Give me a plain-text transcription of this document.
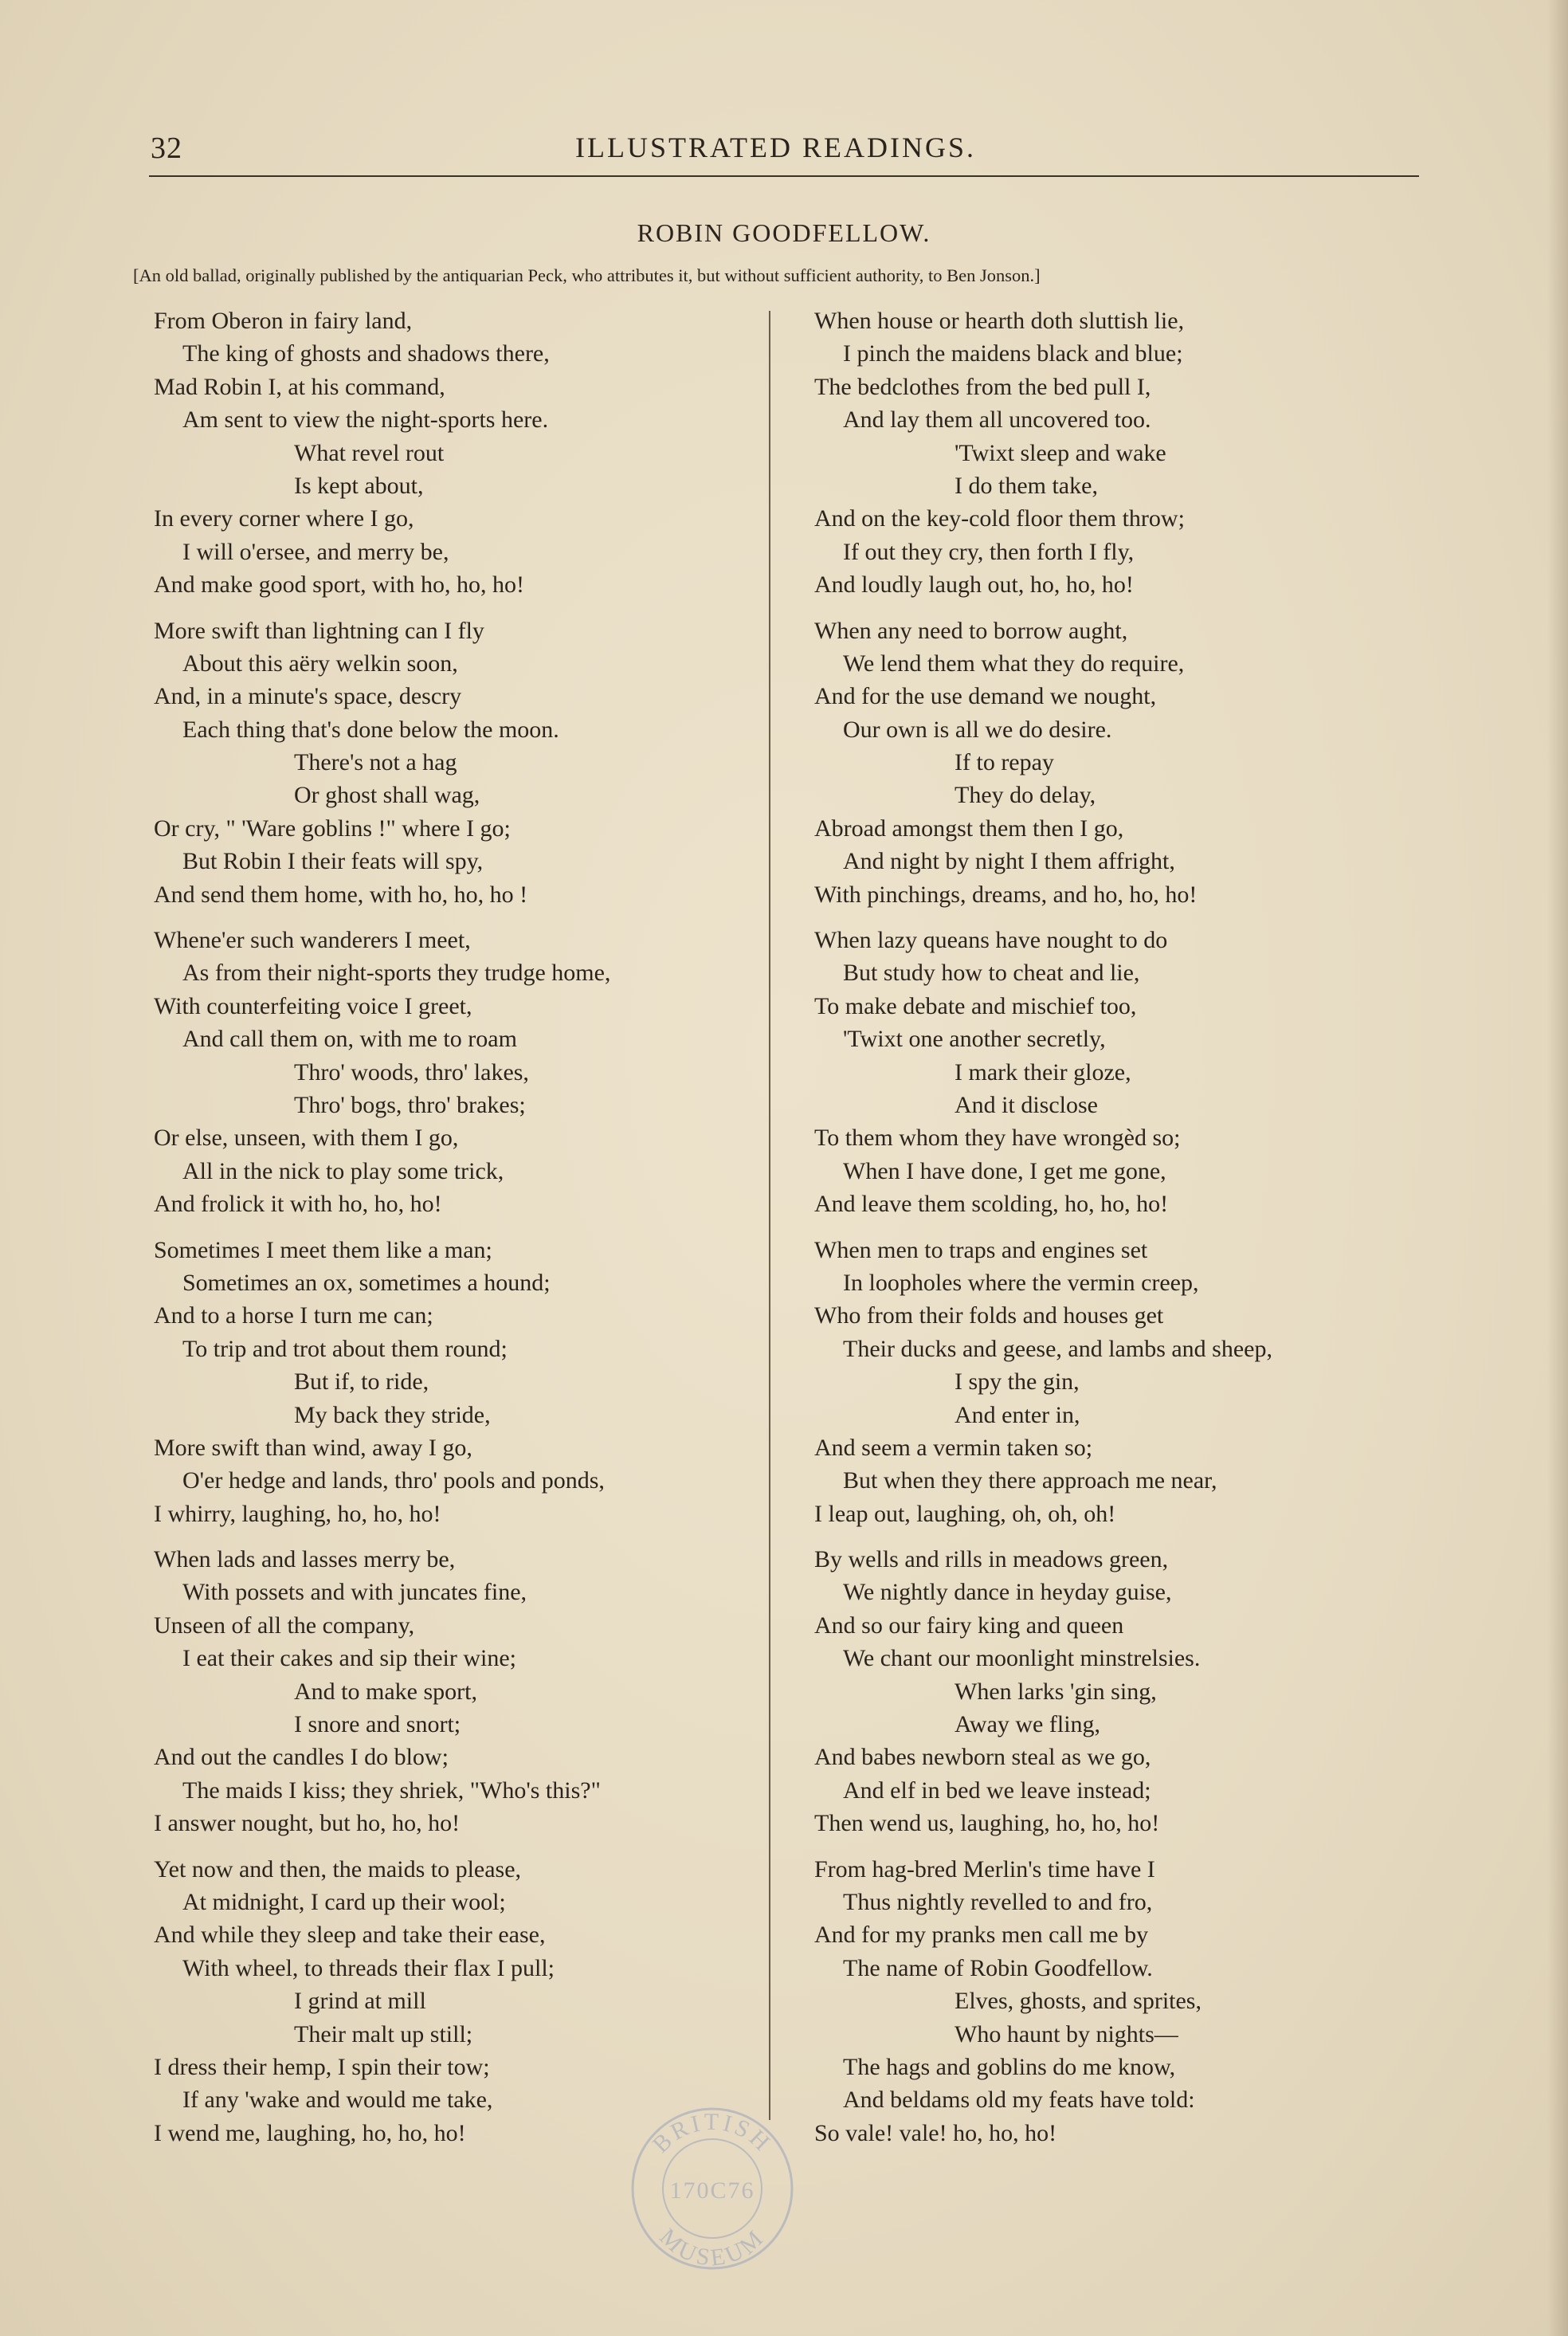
32	ILLUSTRATED READINGS.
ROBIN GOODFELLOW.
[An old ballad, originally published by the antiquarian Peck, who attributes it, but without sufficient authority, to Ben Jonson.]
From Oberon in fairy land,
The king of ghosts and shadows there,
Mad Robin I, at his command,
Am sent to view the night-sports here.
What revel rout
Is kept about,
In every corner where I go,
I will o'ersee, and merry be,
And make good sport, with ho, ho, ho!
More swift than lightning can I fly
About this aëry welkin soon,
And, in a minute's space, descry
Each thing that's done below the moon.
There's not a hag
Or ghost shall wag,
Or cry, " 'Ware goblins !" where I go;
But Robin I their feats will spy,
And send them home, with ho, ho, ho !
Whene'er such wanderers I meet,
As from their night-sports they trudge home,
With counterfeiting voice I greet,
And call them on, with me to roam
Thro' woods, thro' lakes,
Thro' bogs, thro' brakes;
Or else, unseen, with them I go,
All in the nick to play some trick,
And frolick it with ho, ho, ho!
Sometimes I meet them like a man;
Sometimes an ox, sometimes a hound;
And to a horse I turn me can;
To trip and trot about them round;
But if, to ride,
My back they stride,
More swift than wind, away I go,
O'er hedge and lands, thro' pools and ponds,
I whirry, laughing, ho, ho, ho!
When lads and lasses merry be,
With possets and with juncates fine,
Unseen of all the company,
I eat their cakes and sip their wine;
And to make sport,
I snore and snort;
And out the candles I do blow;
The maids I kiss; they shriek, "Who's this?"
I answer nought, but ho, ho, ho!
Yet now and then, the maids to please,
At midnight, I card up their wool;
And while they sleep and take their ease,
With wheel, to threads their flax I pull;
I grind at mill
Their malt up still;
I dress their hemp, I spin their tow;
If any 'wake and would me take,
I wend me, laughing, ho, ho, ho!
When house or hearth doth sluttish lie,
I pinch the maidens black and blue;
The bedclothes from the bed pull I,
And lay them all uncovered too.
'Twixt sleep and wake
I do them take,
And on the key-cold floor them throw;
If out they cry, then forth I fly,
And loudly laugh out, ho, ho, ho!
When any need to borrow aught,
We lend them what they do require,
And for the use demand we nought,
Our own is all we do desire.
If to repay
They do delay,
Abroad amongst them then I go,
And night by night I them affright,
With pinchings, dreams, and ho, ho, ho!
When lazy queans have nought to do
But study how to cheat and lie,
To make debate and mischief too,
'Twixt one another secretly,
I mark their gloze,
And it disclose
To them whom they have wrongèd so;
When I have done, I get me gone,
And leave them scolding, ho, ho, ho!
When men to traps and engines set
In loopholes where the vermin creep,
Who from their folds and houses get
Their ducks and geese, and lambs and sheep,
I spy the gin,
And enter in,
And seem a vermin taken so;
But when they there approach me near,
I leap out, laughing, oh, oh, oh!
By wells and rills in meadows green,
We nightly dance in heyday guise,
And so our fairy king and queen
We chant our moonlight minstrelsies.
When larks 'gin sing,
Away we fling,
And babes newborn steal as we go,
And elf in bed we leave instead;
Then wend us, laughing, ho, ho, ho!
From hag-bred Merlin's time have I
Thus nightly revelled to and fro,
And for my pranks men call me by
The name of Robin Goodfellow.
Elves, ghosts, and sprites,
Who haunt by nights—
The hags and goblins do me know,
And beldams old my feats have told:
So vale! vale! ho, ho, ho!
BRITISH
170C76
MUSEUM
